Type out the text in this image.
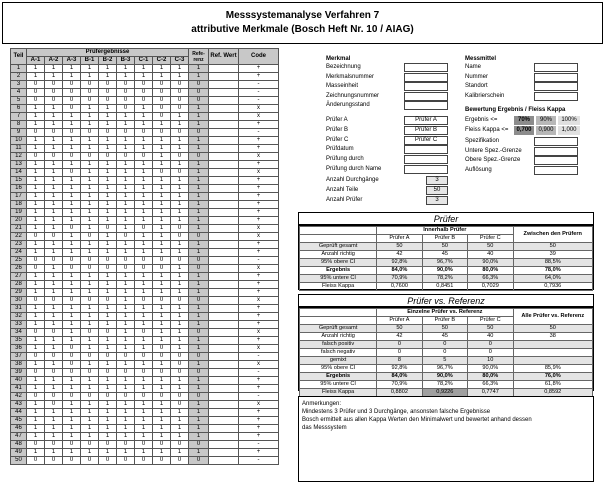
Messsystemanalyse Verfahren 7
attributive Merkmale (Bosch Heft Nr. 10 / AIAG)
Teil	Prüfergebnisse									Refe-renz	Ref. Wert	Code
	A-1	A-2	A-3	B-1	B-2	B-3	C-1	C-2	C-3			
1	1	1	1	1	1	1	1	1	1	1		+
2	1	1	1	1	1	1	1	1	1	1		+
3	0	0	0	0	0	0	0	0	0	0		-
4	0	0	0	0	0	0	0	0	0	0		-
5	0	0	0	0	0	0	0	0	0	0		-
6	1	1	0	1	1	0	1	0	0	1		x
7	1	1	1	1	1	1	1	0	1	1		x
8	1	1	1	1	1	1	1	1	1	1		+
9	0	0	0	0	0	0	0	0	0	0		-
10	1	1	1	1	1	1	1	1	1	1		+
11	1	1	1	1	1	1	1	1	1	1		+
12	0	0	0	0	0	0	0	1	0	0		x
13	1	1	1	1	1	1	1	1	1	1		+
14	1	1	0	1	1	1	1	0	0	1		x
15	1	1	1	1	1	1	1	1	1	1		+
16	1	1	1	1	1	1	1	1	1	1		+
17	1	1	1	1	1	1	1	1	1	1		+
18	1	1	1	1	1	1	1	1	1	1		+
19	1	1	1	1	1	1	1	1	1	1		+
20	1	1	1	1	1	1	1	1	1	1		+
21	1	1	0	1	0	1	0	1	0	1		x
22	0	0	1	0	1	0	1	1	0	0		x
23	1	1	1	1	1	1	1	1	1	1		+
24	1	1	1	1	1	1	1	1	1	1		+
25	0	0	0	0	0	0	0	0	0	0		-
26	0	1	0	0	0	0	0	0	1	0		x
27	1	1	1	1	1	1	1	1	1	1		+
28	1	1	1	1	1	1	1	1	1	1		+
29	1	1	1	1	1	1	1	1	1	1		+
30	0	0	0	0	0	1	0	0	0	0		x
31	1	1	1	1	1	1	1	1	1	1		+
32	1	1	1	1	1	1	1	1	1	1		+
33	1	1	1	1	1	1	1	1	1	1		+
34	0	0	1	0	0	1	0	1	1	0		x
35	1	1	1	1	1	1	1	1	1	1		+
36	1	1	0	1	1	1	1	0	1	1		x
37	0	0	0	0	0	0	0	0	0	0		-
38	1	1	0	1	1	1	1	1	0	1		x
39	0	0	0	0	0	0	0	0	0	0		-
40	1	1	1	1	1	1	1	1	1	1		+
41	1	1	1	1	1	1	1	1	1	1		+
42	0	0	0	0	0	0	0	0	0	0		-
43	1	0	1	1	1	1	1	1	0	1		x
44	1	1	1	1	1	1	1	1	1	1		+
45	1	1	1	1	1	1	1	1	1	1		+
46	1	1	1	1	1	1	1	1	1	1		+
47	1	1	1	1	1	1	1	1	1	1		+
48	0	0	0	0	0	0	0	0	0	0		-
49	1	1	1	1	1	1	1	1	1	1		+
50	0	0	0	0	0	0	0	0	0	0		-
Merkmal
Bezeichnung
Merkmalsnummer
Masseinheit
Zeichnungsnummer
Änderungsstand
Messmittel
Name
Nummer
Standort
Kalibrierschein
Prüfer A	Prüfer A
Prüfer B	Prüfer B
Prüfer C	Prüfer C
Prüfdatum
Prüfung durch
Prüfung durch Name
Anzahl Durchgänge	3
Anzahl Teile	50
Anzahl Prüfer	3
Bewertung Ergebnis / Fleiss Kappa
Ergebnis <=
Fleiss Kappa <=
70%	90%	100%
0,700	0,900	1,000
Spezifikation
Untere Spez.-Grenze
Obere Spez.-Grenze
Auflösung
Prüfer
	Innerhalb Prüfer			Zwischen den Prüfern
	Prüfer A	Prüfer B	Prüfer C	
Geprüft gesamt	50	50	50	50
Anzahl richtig	42	45	40	39
95% obere CI	92,8%	96,7%	90,0%	88,5%
Ergebnis	84,0%	90,0%	80,0%	78,0%
95% untere CI	70,9%	78,2%	66,3%	64,0%
Fleiss Kappa	0,7600	0,8451	0,7029	0,7936
Prüfer vs. Referenz
	Einzelne Prüfer vs. Referenz			Alle Prüfer vs. Referenz
	Prüfer A	Prüfer B	Prüfer C	
Geprüft gesamt	50	50	50	50
Anzahl richtig	42	45	40	38
falsch positiv	0	0	0	
falsch negativ	0	0	0	
gemixt	8	5	10	
95% obere CI	92,8%	96,7%	90,0%	85,9%
Ergebnis	84,0%	90,0%	80,0%	76,0%
95% untere CI	70,9%	78,2%	66,3%	61,8%
Fleiss Kappa	0,8802	0,9226	0,7747	0,8592
Anmerkungen:
Mindestens 3 Prüfer und 3 Durchgänge, ansonsten falsche Ergebnisse
Bosch ermittelt aus allen Kappa Werten den Minimalwert und bewertet anhand dessen
das Messsystem
